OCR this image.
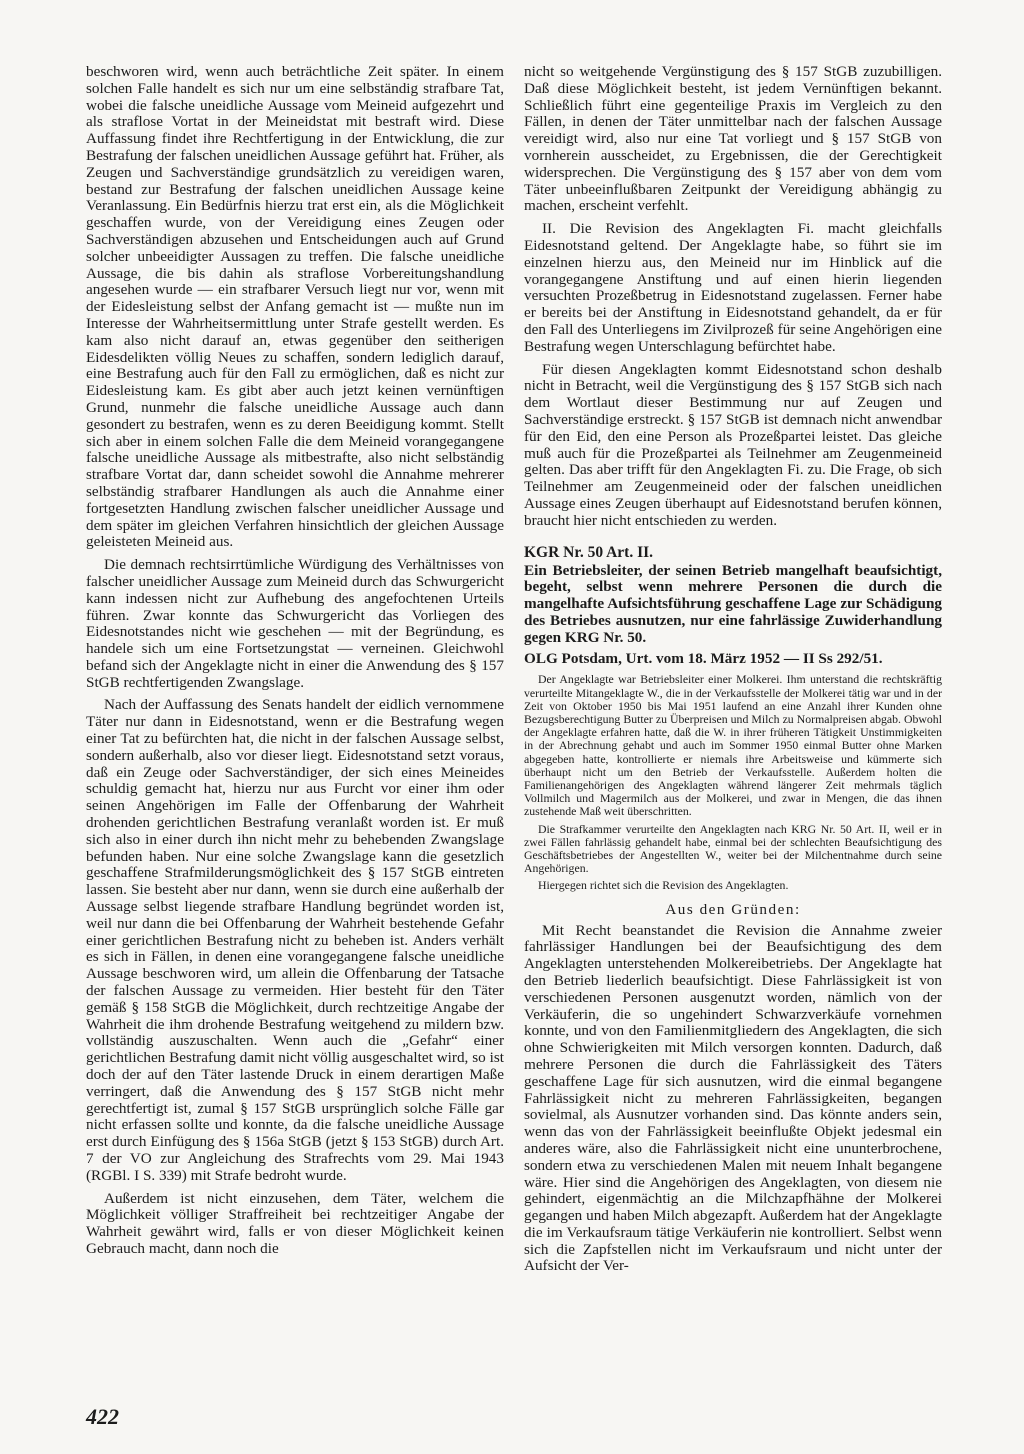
beschworen wird, wenn auch beträchtliche Zeit später. In einem solchen Falle handelt es sich nur um eine selbständig strafbare Tat, wobei die falsche uneidliche Aussage vom Meineid aufgezehrt und als straflose Vortat in der Meineidstat mit bestraft wird. Diese Auffassung findet ihre Rechtfertigung in der Entwicklung, die zur Bestrafung der falschen uneidlichen Aussage geführt hat. Früher, als Zeugen und Sachverständige grundsätzlich zu vereidigen waren, bestand zur Bestrafung der falschen uneidlichen Aussage keine Veranlassung. Ein Bedürfnis hierzu trat erst ein, als die Möglichkeit geschaffen wurde, von der Vereidigung eines Zeugen oder Sachverständigen abzusehen und Entscheidungen auch auf Grund solcher unbeeidigter Aussagen zu treffen. Die falsche uneidliche Aussage, die bis dahin als straflose Vorbereitungshandlung angesehen wurde — ein strafbarer Versuch liegt nur vor, wenn mit der Eidesleistung selbst der Anfang gemacht ist — mußte nun im Interesse der Wahrheitsermittlung unter Strafe gestellt werden. Es kam also nicht darauf an, etwas gegenüber den seitherigen Eidesdelikten völlig Neues zu schaffen, sondern lediglich darauf, eine Bestrafung auch für den Fall zu ermöglichen, daß es nicht zur Eidesleistung kam. Es gibt aber auch jetzt keinen vernünftigen Grund, nunmehr die falsche uneidliche Aussage auch dann gesondert zu bestrafen, wenn es zu deren Beeidigung kommt. Stellt sich aber in einem solchen Falle die dem Meineid vorangegangene falsche uneidliche Aussage als mitbestrafte, also nicht selbständig strafbare Vortat dar, dann scheidet sowohl die Annahme mehrerer selbständig strafbarer Handlungen als auch die Annahme einer fortgesetzten Handlung zwischen falscher uneidlicher Aussage und dem später im gleichen Verfahren hinsichtlich der gleichen Aussage geleisteten Meineid aus.

Die demnach rechtsirrtümliche Würdigung des Verhältnisses von falscher uneidlicher Aussage zum Meineid durch das Schwurgericht kann indessen nicht zur Aufhebung des angefochtenen Urteils führen. Zwar konnte das Schwurgericht das Vorliegen des Eidesnotstandes nicht wie geschehen — mit der Begründung, es handele sich um eine Fortsetzungstat — verneinen. Gleichwohl befand sich der Angeklagte nicht in einer die Anwendung des § 157 StGB rechtfertigenden Zwangslage.

Nach der Auffassung des Senats handelt der eidlich vernommene Täter nur dann in Eidesnotstand, wenn er die Bestrafung wegen einer Tat zu befürchten hat, die nicht in der falschen Aussage selbst, sondern außerhalb, also vor dieser liegt. Eidesnotstand setzt voraus, daß ein Zeuge oder Sachverständiger, der sich eines Meineides schuldig gemacht hat, hierzu nur aus Furcht vor einer ihm oder seinen Angehörigen im Falle der Offenbarung der Wahrheit drohenden gerichtlichen Bestrafung veranlaßt worden ist. Er muß sich also in einer durch ihn nicht mehr zu behebenden Zwangslage befunden haben. Nur eine solche Zwangslage kann die gesetzlich geschaffene Strafmilderungsmöglichkeit des § 157 StGB eintreten lassen. Sie besteht aber nur dann, wenn sie durch eine außerhalb der Aussage selbst liegende strafbare Handlung begründet worden ist, weil nur dann die bei Offenbarung der Wahrheit bestehende Gefahr einer gerichtlichen Bestrafung nicht zu beheben ist. Anders verhält es sich in Fällen, in denen eine vorangegangene falsche uneidliche Aussage beschworen wird, um allein die Offenbarung der Tatsache der falschen Aussage zu vermeiden. Hier besteht für den Täter gemäß § 158 StGB die Möglichkeit, durch rechtzeitige Angabe der Wahrheit die ihm drohende Bestrafung weitgehend zu mildern bzw. vollständig auszuschalten. Wenn auch die „Gefahr“ einer gerichtlichen Bestrafung damit nicht völlig ausgeschaltet wird, so ist doch der auf den Täter lastende Druck in einem derartigen Maße verringert, daß die Anwendung des § 157 StGB nicht mehr gerechtfertigt ist, zumal § 157 StGB ursprünglich solche Fälle gar nicht erfassen sollte und konnte, da die falsche uneidliche Aussage erst durch Einfügung des § 156a StGB (jetzt § 153 StGB) durch Art. 7 der VO zur Angleichung des Strafrechts vom 29. Mai 1943 (RGBl. I S. 339) mit Strafe bedroht wurde.

Außerdem ist nicht einzusehen, dem Täter, welchem die Möglichkeit völliger Straffreiheit bei rechtzeitiger Angabe der Wahrheit gewährt wird, falls er von dieser Möglichkeit keinen Gebrauch macht, dann noch die

nicht so weitgehende Vergünstigung des § 157 StGB zuzubilligen. Daß diese Möglichkeit besteht, ist jedem Vernünftigen bekannt. Schließlich führt eine gegenteilige Praxis im Vergleich zu den Fällen, in denen der Täter unmittelbar nach der falschen Aussage vereidigt wird, also nur eine Tat vorliegt und § 157 StGB von vornherein ausscheidet, zu Ergebnissen, die der Gerechtigkeit widersprechen. Die Vergünstigung des § 157 aber von dem vom Täter unbeeinflußbaren Zeitpunkt der Vereidigung abhängig zu machen, erscheint verfehlt.

II. Die Revision des Angeklagten Fi. macht gleichfalls Eidesnotstand geltend. Der Angeklagte habe, so führt sie im einzelnen hierzu aus, den Meineid nur im Hinblick auf die vorangegangene Anstiftung und auf einen hierin liegenden versuchten Prozeßbetrug in Eidesnotstand zugelassen. Ferner habe er bereits bei der Anstiftung in Eidesnotstand gehandelt, da er für den Fall des Unterliegens im Zivilprozeß für seine Angehörigen eine Bestrafung wegen Unterschlagung befürchtet habe.

Für diesen Angeklagten kommt Eidesnotstand schon deshalb nicht in Betracht, weil die Vergünstigung des § 157 StGB sich nach dem Wortlaut dieser Bestimmung nur auf Zeugen und Sachverständige erstreckt. § 157 StGB ist demnach nicht anwendbar für den Eid, den eine Person als Prozeßpartei leistet. Das gleiche muß auch für die Prozeßpartei als Teilnehmer am Zeugenmeineid gelten. Das aber trifft für den Angeklagten Fi. zu. Die Frage, ob sich Teilnehmer am Zeugenmeineid oder der falschen uneidlichen Aussage eines Zeugen überhaupt auf Eidesnotstand berufen können, braucht hier nicht entschieden zu werden.

KGR Nr. 50 Art. II.
Ein Betriebsleiter, der seinen Betrieb mangelhaft beaufsichtigt, begeht, selbst wenn mehrere Personen die durch die mangelhafte Aufsichtsführung geschaffene Lage zur Schädigung des Betriebes ausnutzen, nur eine fahrlässige Zuwiderhandlung gegen KRG Nr. 50.
OLG Potsdam, Urt. vom 18. März 1952 — II Ss 292/51.

Der Angeklagte war Betriebsleiter einer Molkerei. Ihm unterstand die rechtskräftig verurteilte Mitangeklagte W., die in der Verkaufsstelle der Molkerei tätig war und in der Zeit von Oktober 1950 bis Mai 1951 laufend an eine Anzahl ihrer Kunden ohne Bezugsberechtigung Butter zu Überpreisen und Milch zu Normalpreisen abgab. Obwohl der Angeklagte erfahren hatte, daß die W. in ihrer früheren Tätigkeit Unstimmigkeiten in der Abrechnung gehabt und auch im Sommer 1950 einmal Butter ohne Marken abgegeben hatte, kontrollierte er niemals ihre Arbeitsweise und kümmerte sich überhaupt nicht um den Betrieb der Verkaufsstelle. Außerdem holten die Familienangehörigen des Angeklagten während längerer Zeit mehrmals täglich Vollmilch und Magermilch aus der Molkerei, und zwar in Mengen, die das ihnen zustehende Maß weit überschritten.

Die Strafkammer verurteilte den Angeklagten nach KRG Nr. 50 Art. II, weil er in zwei Fällen fahrlässig gehandelt habe, einmal bei der schlechten Beaufsichtigung des Geschäftsbetriebes der Angestellten W., weiter bei der Milchentnahme durch seine Angehörigen.

Hiergegen richtet sich die Revision des Angeklagten.

Aus den Gründen:

Mit Recht beanstandet die Revision die Annahme zweier fahrlässiger Handlungen bei der Beaufsichtigung des dem Angeklagten unterstehenden Molkereibetriebs. Der Angeklagte hat den Betrieb liederlich beaufsichtigt. Diese Fahrlässigkeit ist von verschiedenen Personen ausgenutzt worden, nämlich von der Verkäuferin, die so ungehindert Schwarzverkäufe vornehmen konnte, und von den Familienmitgliedern des Angeklagten, die sich ohne Schwierigkeiten mit Milch versorgen konnten. Dadurch, daß mehrere Personen die durch die Fahrlässigkeit des Täters geschaffene Lage für sich ausnutzen, wird die einmal begangene Fahrlässigkeit nicht zu mehreren Fahrlässigkeiten, begangen sovielmal, als Ausnutzer vorhanden sind. Das könnte anders sein, wenn das von der Fahrlässigkeit beeinflußte Objekt jedesmal ein anderes wäre, also die Fahrlässigkeit nicht eine ununterbrochene, sondern etwa zu verschiedenen Malen mit neuem Inhalt begangene wäre. Hier sind die Angehörigen des Angeklagten, von diesem nie gehindert, eigenmächtig an die Milchzapfhähne der Molkerei gegangen und haben Milch abgezapft. Außerdem hat der Angeklagte die im Verkaufsraum tätige Verkäuferin nie kontrolliert. Selbst wenn sich die Zapfstellen nicht im Verkaufsraum und nicht unter der Aufsicht der Ver-

422
